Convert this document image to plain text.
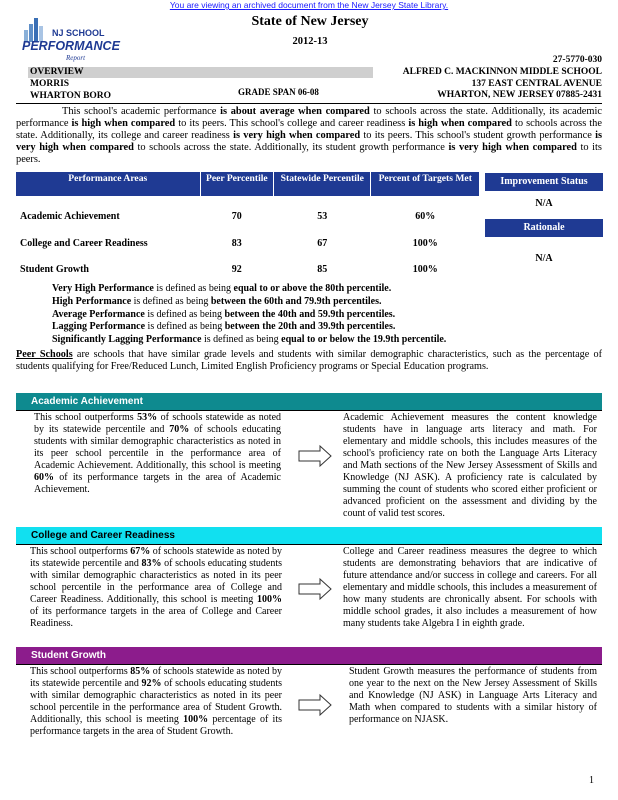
You are viewing an archived document from the New Jersey State Library.
NJ SCHOOL
PERFORMANCE
Report
State of New Jersey
2012-13
27-5770-030
ALFRED C. MACKINNON MIDDLE SCHOOL
137 EAST CENTRAL AVENUE
WHARTON, NEW JERSEY 07885-2431
OVERVIEW
MORRIS
WHARTON BORO	GRADE SPAN 06-08
This school's academic performance is about average when compared to schools across the state. Additionally, its academic performance is high when compared to its peers. This school's college and career readiness is high when compared to schools across the state. Additionally, its college and career readiness is very high when compared to its peers. This school's student growth performance is very high when compared to schools across the state. Additionally, its student growth performance is very high when compared to its peers.
Performance Areas	Peer Percentile	Statewide Percentile	Percent of Targets Met
Academic Achievement	70	53	60%
College and Career Readiness	83	67	100%
Student Growth	92	85	100%
Improvement Status
N/A
Rationale
N/A
Very High Performance is defined as being equal to or above the 80th percentile.
High Performance is defined as being between the 60th and 79.9th percentiles.
Average Performance is defined as being between the 40th and 59.9th percentiles.
Lagging Performance is defined as being between the 20th and 39.9th percentiles.
Significantly Lagging Performance is defined as being equal to or below the 19.9th percentile.
Peer Schools are schools that have similar grade levels and students with similar demographic characteristics, such as the percentage of students qualifying for Free/Reduced Lunch, Limited English Proficiency programs or Special Education programs.
Academic Achievement
This school outperforms 53% of schools statewide as noted by its statewide percentile and 70% of schools educating students with similar demographic characteristics as noted in its peer school percentile in the performance area of Academic Achievement. Additionally, this school is meeting 60% of its performance targets in the area of Academic Achievement.
Academic Achievement measures the content knowledge students have in language arts literacy and math. For elementary and middle schools, this includes measures of the school's proficiency rate on both the Language Arts Literacy and Math sections of the New Jersey Assessment of Skills and Knowledge (NJ ASK). A proficiency rate is calculated by summing the count of students who scored either proficient or advanced proficient on the assessment and dividing by the count of valid test scores.
College and Career Readiness
This school outperforms 67% of schools statewide as noted by its statewide percentile and 83% of schools educating students with similar demographic characteristics as noted in its peer school percentile in the performance area of College and Career Readiness. Additionally, this school is meeting 100% of its performance targets in the area of College and Career Readiness.
College and Career readiness measures the degree to which students are demonstrating behaviors that are indicative of future attendance and/or success in college and careers. For all elementary and middle schools, this includes a measurement of how many students are chronically absent. For schools with middle school grades, it also includes a measurement of how many students take Algebra I in eighth grade.
Student Growth
This school outperforms 85% of schools statewide as noted by its statewide percentile and 92% of schools educating students with similar demographic characteristics as noted in its peer school percentile in the performance area of Student Growth. Additionally, this school is meeting 100% percentage of its performance targets in the area of Student Growth.
Student Growth measures the performance of students from one year to the next on the New Jersey Assessment of Skills and Knowledge (NJ ASK) in Language Arts Literacy and Math when compared to students with a similar history of performance on NJASK.
1
